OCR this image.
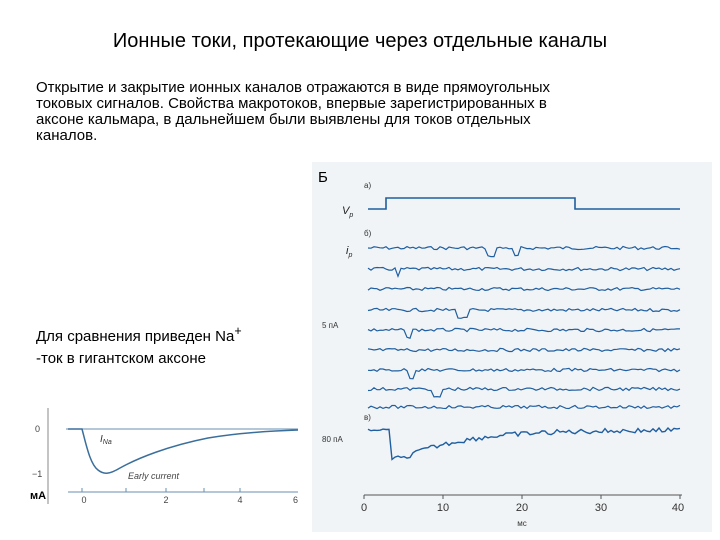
Ионные токи, протекающие через отдельные каналы
Открытие и закрытие ионных каналов отражаются в виде прямоугольных
токовых сигналов. Свойства макротоков, впервые зарегистрированных в
аксоне кальмара, в дальнейшем были выявлены для токов отдельных
каналов.
Для сравнения приведен Na+
-ток в гигантском аксоне
Б	а)
б)
в)
$V_p$
$i_p$
5 пА
80 пА
0	10	20	30	40
мс
0
−1
$I_{Na}$
Early current
0	2	4	6
мА
